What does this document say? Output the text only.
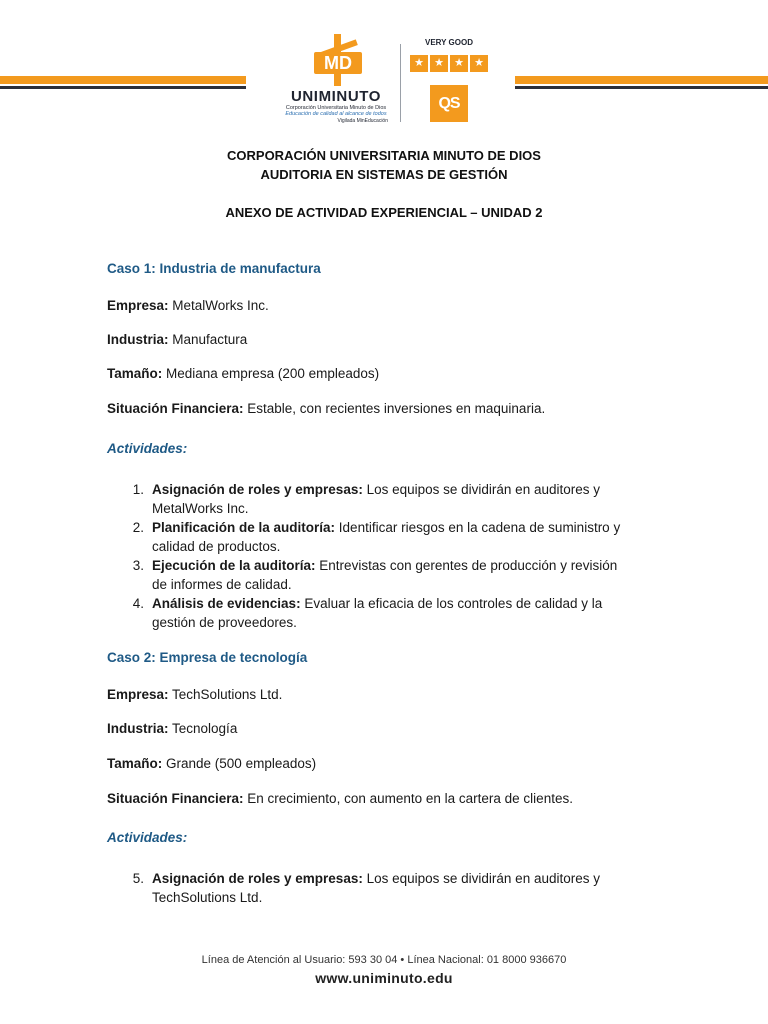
MD
UNIMINUTO
Corporación Universitaria Minuto de Dios
Educación de calidad al alcance de todos
Vigilada MinEducación
VERY GOOD
★ ★ ★ ★
QS
CORPORACIÓN UNIVERSITARIA MINUTO DE DIOS
AUDITORIA EN SISTEMAS DE GESTIÓN
ANEXO DE ACTIVIDAD EXPERIENCIAL – UNIDAD 2
Caso 1: Industria de manufactura
Empresa: MetalWorks Inc.
Industria: Manufactura
Tamaño: Mediana empresa (200 empleados)
Situación Financiera: Estable, con recientes inversiones en maquinaria.
Actividades:
1. Asignación de roles y empresas: Los equipos se dividirán en auditores y
MetalWorks Inc.
2. Planificación de la auditoría: Identificar riesgos en la cadena de suministro y
calidad de productos.
3. Ejecución de la auditoría: Entrevistas con gerentes de producción y revisión
de informes de calidad.
4. Análisis de evidencias: Evaluar la eficacia de los controles de calidad y la
gestión de proveedores.
Caso 2: Empresa de tecnología
Empresa: TechSolutions Ltd.
Industria: Tecnología
Tamaño: Grande (500 empleados)
Situación Financiera: En crecimiento, con aumento en la cartera de clientes.
Actividades:
5. Asignación de roles y empresas: Los equipos se dividirán en auditores y
TechSolutions Ltd.
Línea de Atención al Usuario: 593 30 04 • Línea Nacional: 01 8000 936670
www.uniminuto.edu
